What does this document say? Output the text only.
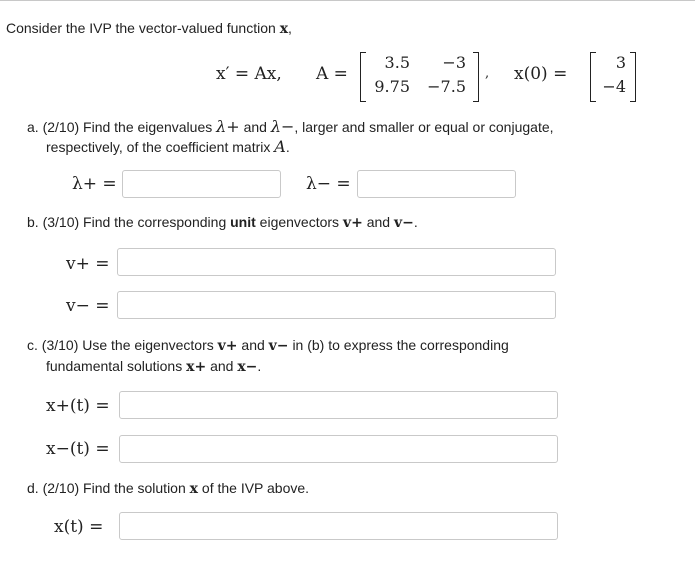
Consider the IVP the vector-valued function x,
x′ = Ax, A =
3.5	−3
9.75	−7.5
, x(0) =
3
−4
a. (2/10) Find the eigenvalues λ+ and λ−, larger and smaller or equal or conjugate,
respectively, of the coefficient matrix A.
λ+ =	λ− =
b. (3/10) Find the corresponding unit eigenvectors v+ and v−.
v+ =
v− =
c. (3/10) Use the eigenvectors v+ and v− in (b) to express the corresponding
fundamental solutions x+ and x−.
x+(t) =
x−(t) =
d. (2/10) Find the solution x of the IVP above.
x(t) =
